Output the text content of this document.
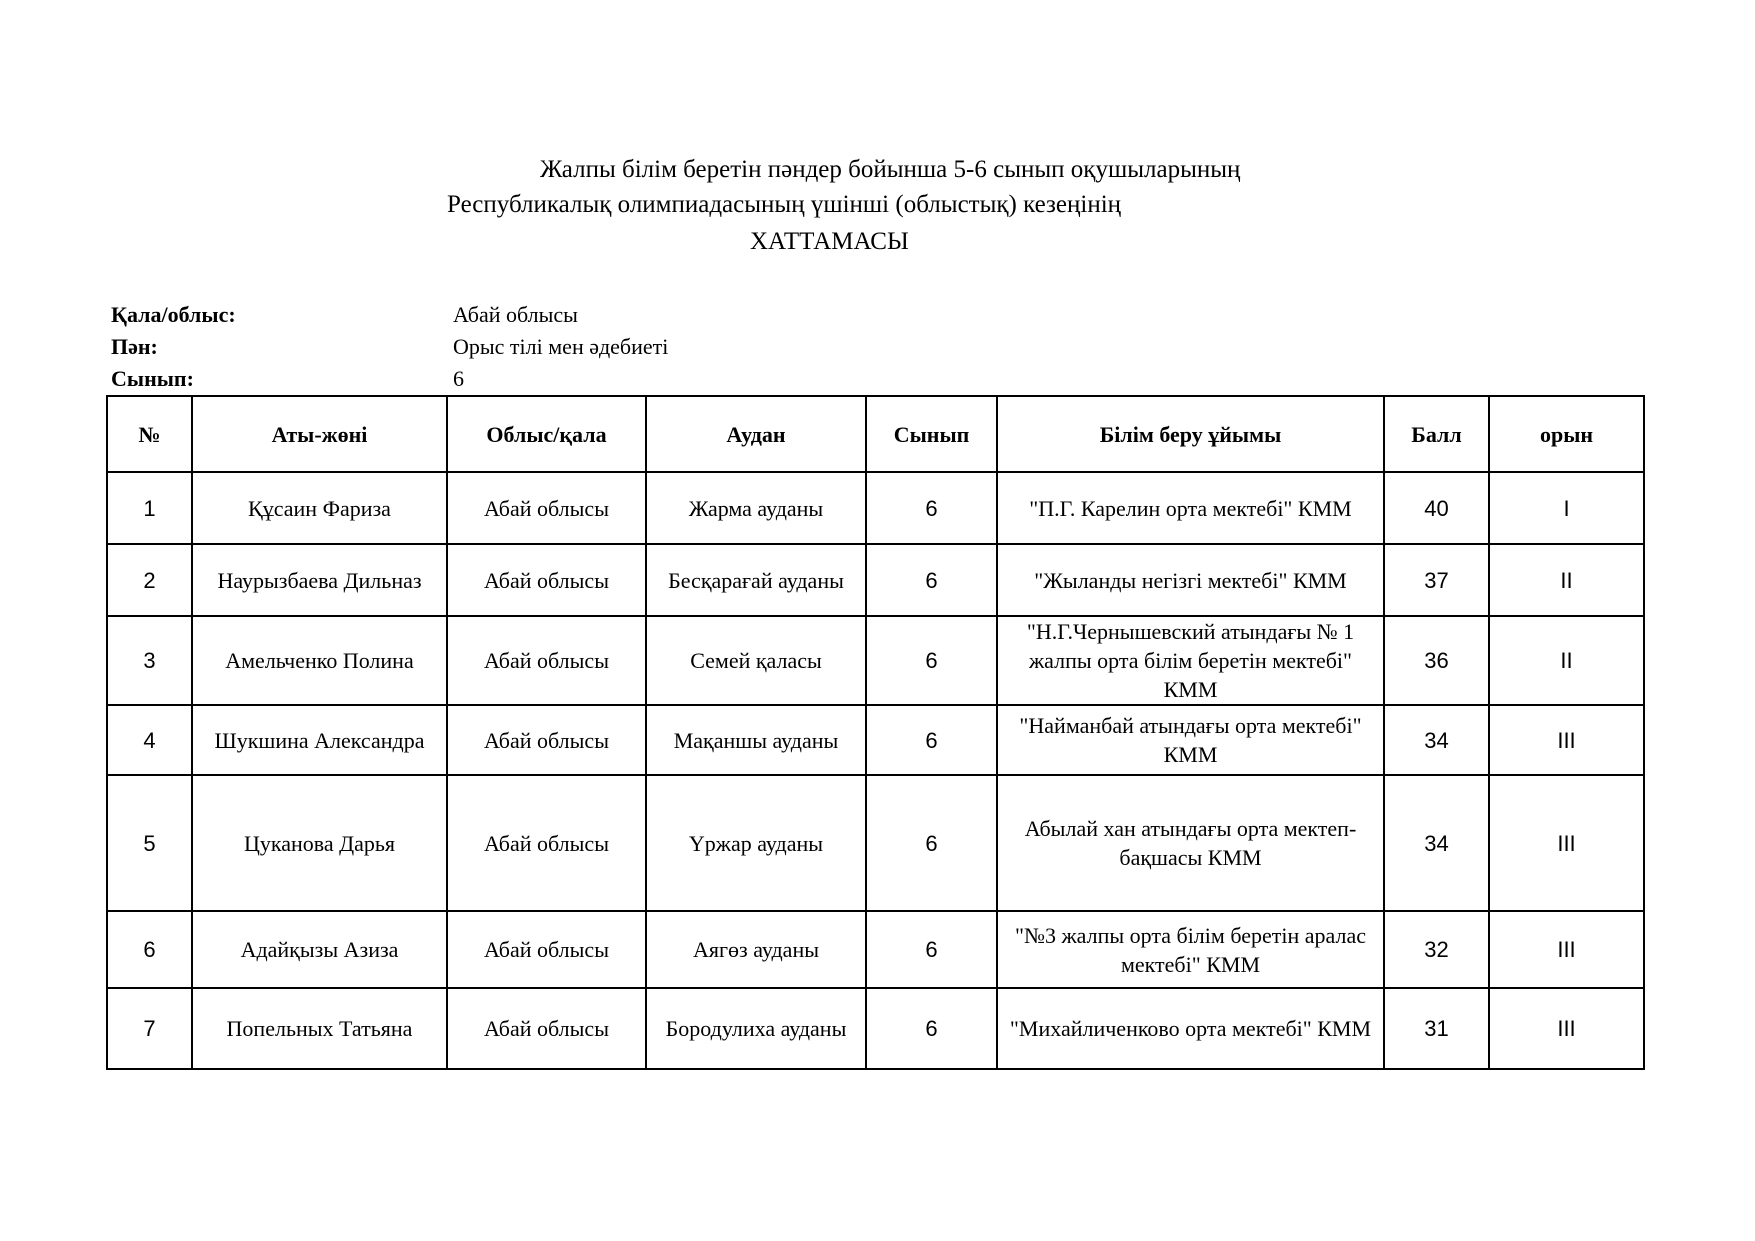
Жалпы білім беретін пәндер бойынша 5-6 сынып оқушыларының
Республикалық олимпиадасының үшінші (облыстық) кезеңінің
ХАТТАМАСЫ
Қала/облыс:	Абай облысы
Пән:	Орыс тілі мен әдебиеті
Сынып:	6
№	Аты-жөні	Облыс/қала	Аудан	Сынып	Білім беру ұйымы	Балл	орын
1	Құсаин Фариза	Абай облысы	Жарма ауданы	6	"П.Г. Карелин орта мектебі" КММ	40	I
2	Наурызбаева Дильназ	Абай облысы	Бесқарағай ауданы	6	"Жыланды негізгі мектебі" КММ	37	II
3	Амельченко Полина	Абай облысы	Семей қаласы	6	"Н.Г.Чернышевский атындағы № 1 жалпы орта білім беретін мектебі" КММ	36	II
4	Шукшина Александра	Абай облысы	Мақаншы ауданы	6	"Найманбай атындағы орта мектебі" КММ	34	III
5	Цуканова Дарья	Абай облысы	Үржар ауданы	6	Абылай хан атындағы орта мектеп-бақшасы КММ	34	III
6	Адайқызы Азиза	Абай облысы	Аягөз ауданы	6	"№3 жалпы орта білім беретін аралас мектебі" КММ	32	III
7	Попельных Татьяна	Абай облысы	Бородулиха ауданы	6	"Михайличенково орта мектебі" КММ	31	III
